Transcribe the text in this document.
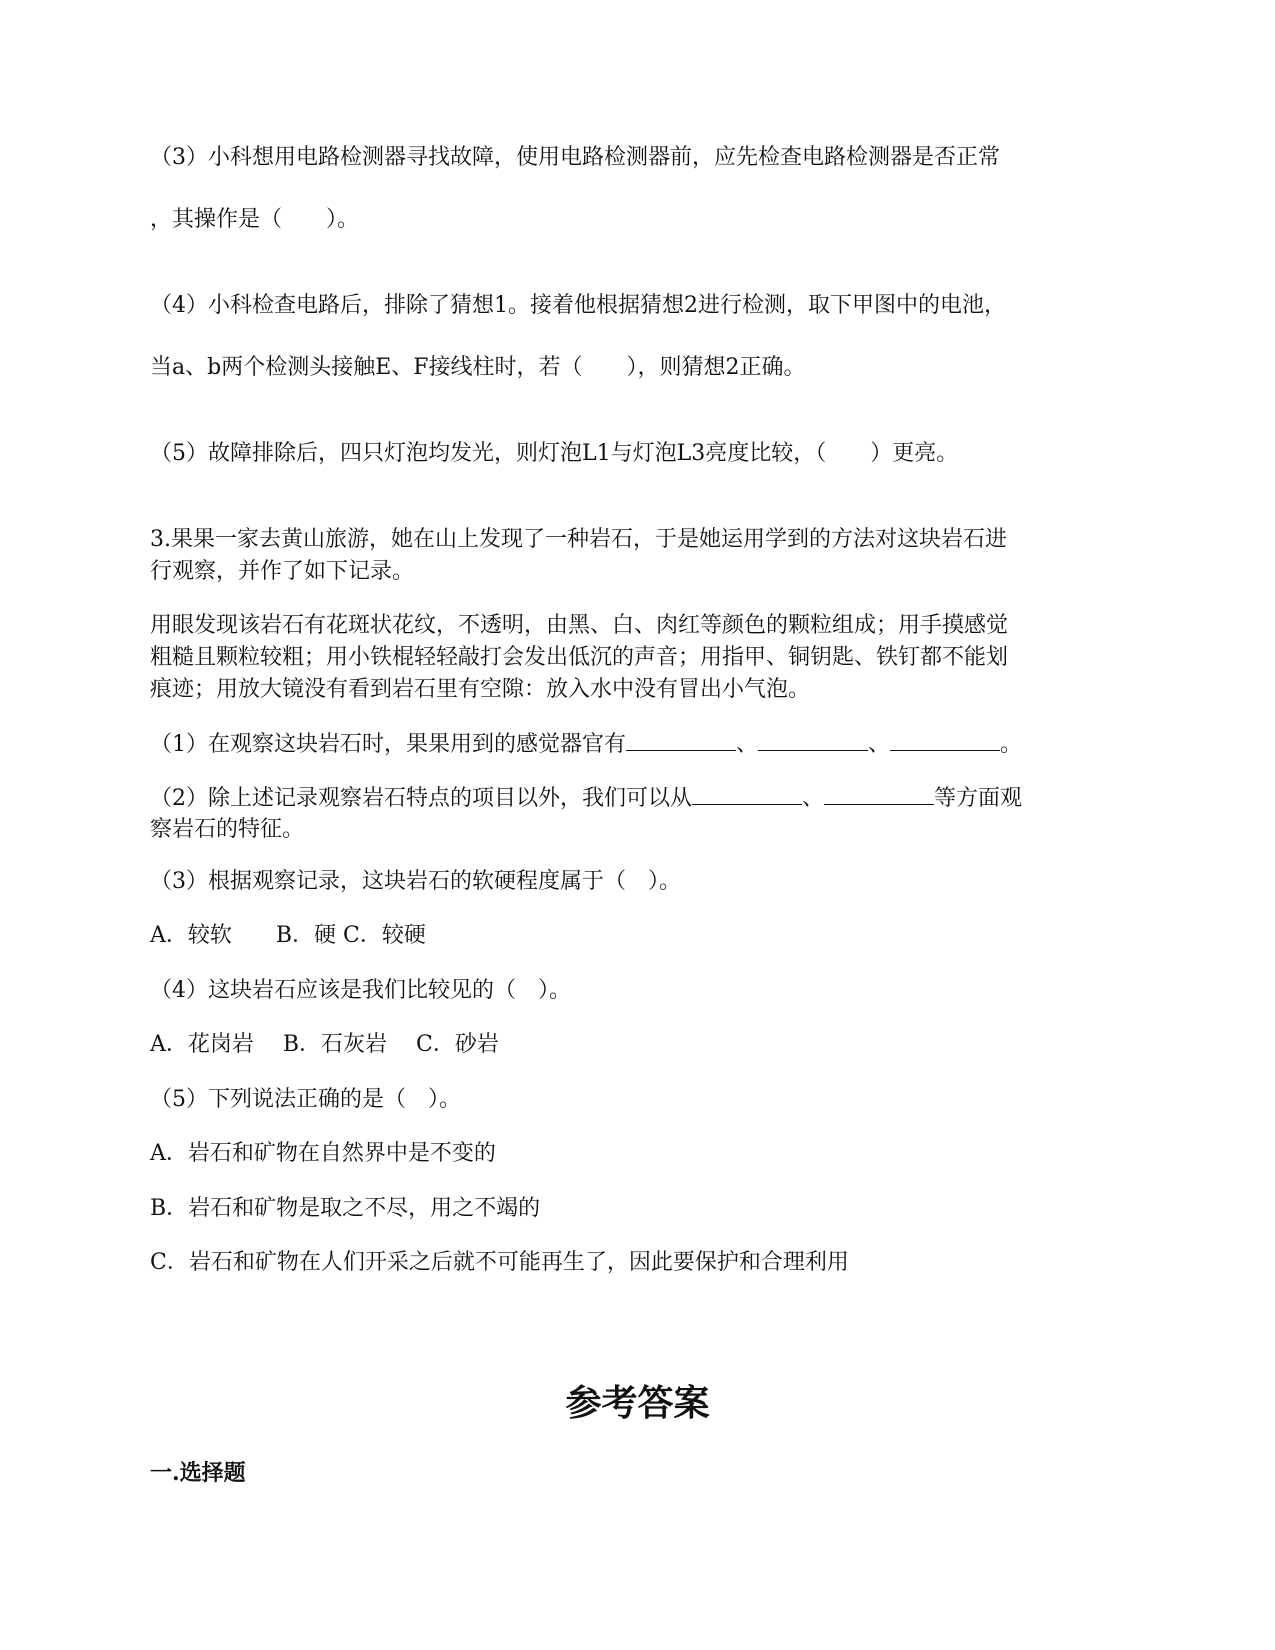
（3）小科想用电路检测器寻找故障，使用电路检测器前，应先检查电路检测器是否正常
，其操作是（　　）。
（4）小科检查电路后，排除了猜想1。接着他根据猜想2进行检测，取下甲图中的电池，
当a、b两个检测头接触E、F接线柱时，若（　　），则猜想2正确。
（5）故障排除后，四只灯泡均发光，则灯泡L1与灯泡L3亮度比较，（　　）更亮。
3.果果一家去黄山旅游，她在山上发现了一种岩石，于是她运用学到的方法对这块岩石进
行观察，并作了如下记录。
用眼发现该岩石有花斑状花纹，不透明，由黑、白、肉红等颜色的颗粒组成；用手摸感觉
粗糙且颗粒较粗；用小铁棍轻轻敲打会发出低沉的声音；用指甲、铜钥匙、铁钉都不能划
痕迹；用放大镜没有看到岩石里有空隙：放入水中没有冒出小气泡。
（1）在观察这块岩石时，果果用到的感觉器官有	、	、	。
（2）除上述记录观察岩石特点的项目以外，我们可以从	、	等方面观
察岩石的特征。
（3）根据观察记录，这块岩石的软硬程度属于（　）。
A．较软　　B．硬 C．较硬
（4）这块岩石应该是我们比较见的（　）。
A．花岗岩　 B．石灰岩　 C．砂岩
（5）下列说法正确的是（　）。
A．岩石和矿物在自然界中是不变的
B．岩石和矿物是取之不尽，用之不竭的
C．岩石和矿物在人们开采之后就不可能再生了，因此要保护和合理利用
参考答案
一.选择题
